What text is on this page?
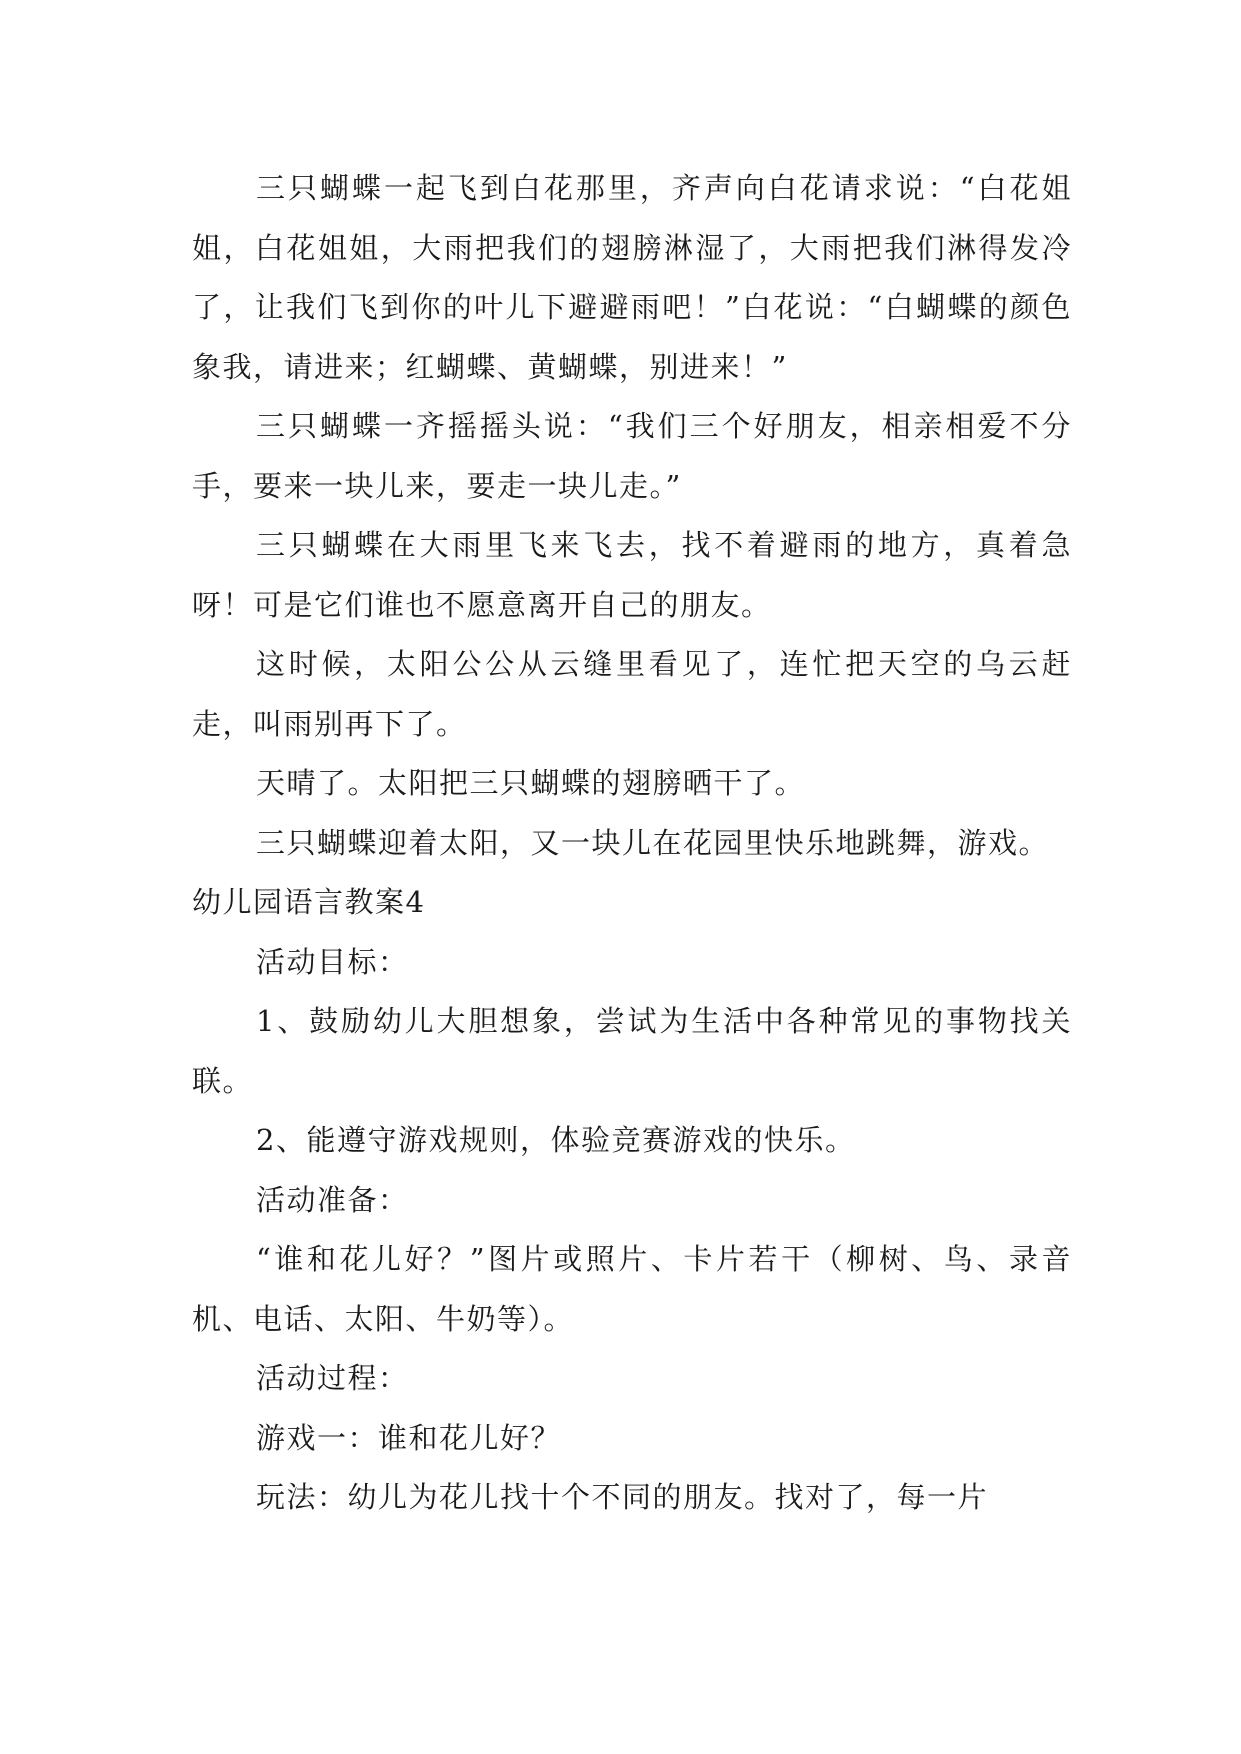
三只蝴蝶一起飞到白花那里，齐声向白花请求说：“白花姐姐，白花姐姐，大雨把我们的翅膀淋湿了，大雨把我们淋得发冷了，让我们飞到你的叶儿下避避雨吧！”白花说：“白蝴蝶的颜色象我，请进来；红蝴蝶、黄蝴蝶，别进来！”

三只蝴蝶一齐摇摇头说：“我们三个好朋友，相亲相爱不分手，要来一块儿来，要走一块儿走。”

三只蝴蝶在大雨里飞来飞去，找不着避雨的地方，真着急呀！可是它们谁也不愿意离开自己的朋友。

这时候，太阳公公从云缝里看见了，连忙把天空的乌云赶走，叫雨别再下了。

天晴了。太阳把三只蝴蝶的翅膀晒干了。

三只蝴蝶迎着太阳，又一块儿在花园里快乐地跳舞，游戏。

幼儿园语言教案4

活动目标：

1、鼓励幼儿大胆想象，尝试为生活中各种常见的事物找关联。

2、能遵守游戏规则，体验竞赛游戏的快乐。

活动准备：

“谁和花儿好？”图片或照片、卡片若干（柳树、鸟、录音机、电话、太阳、牛奶等）。

活动过程：

游戏一：谁和花儿好？

玩法：幼儿为花儿找十个不同的朋友。找对了，每一片
